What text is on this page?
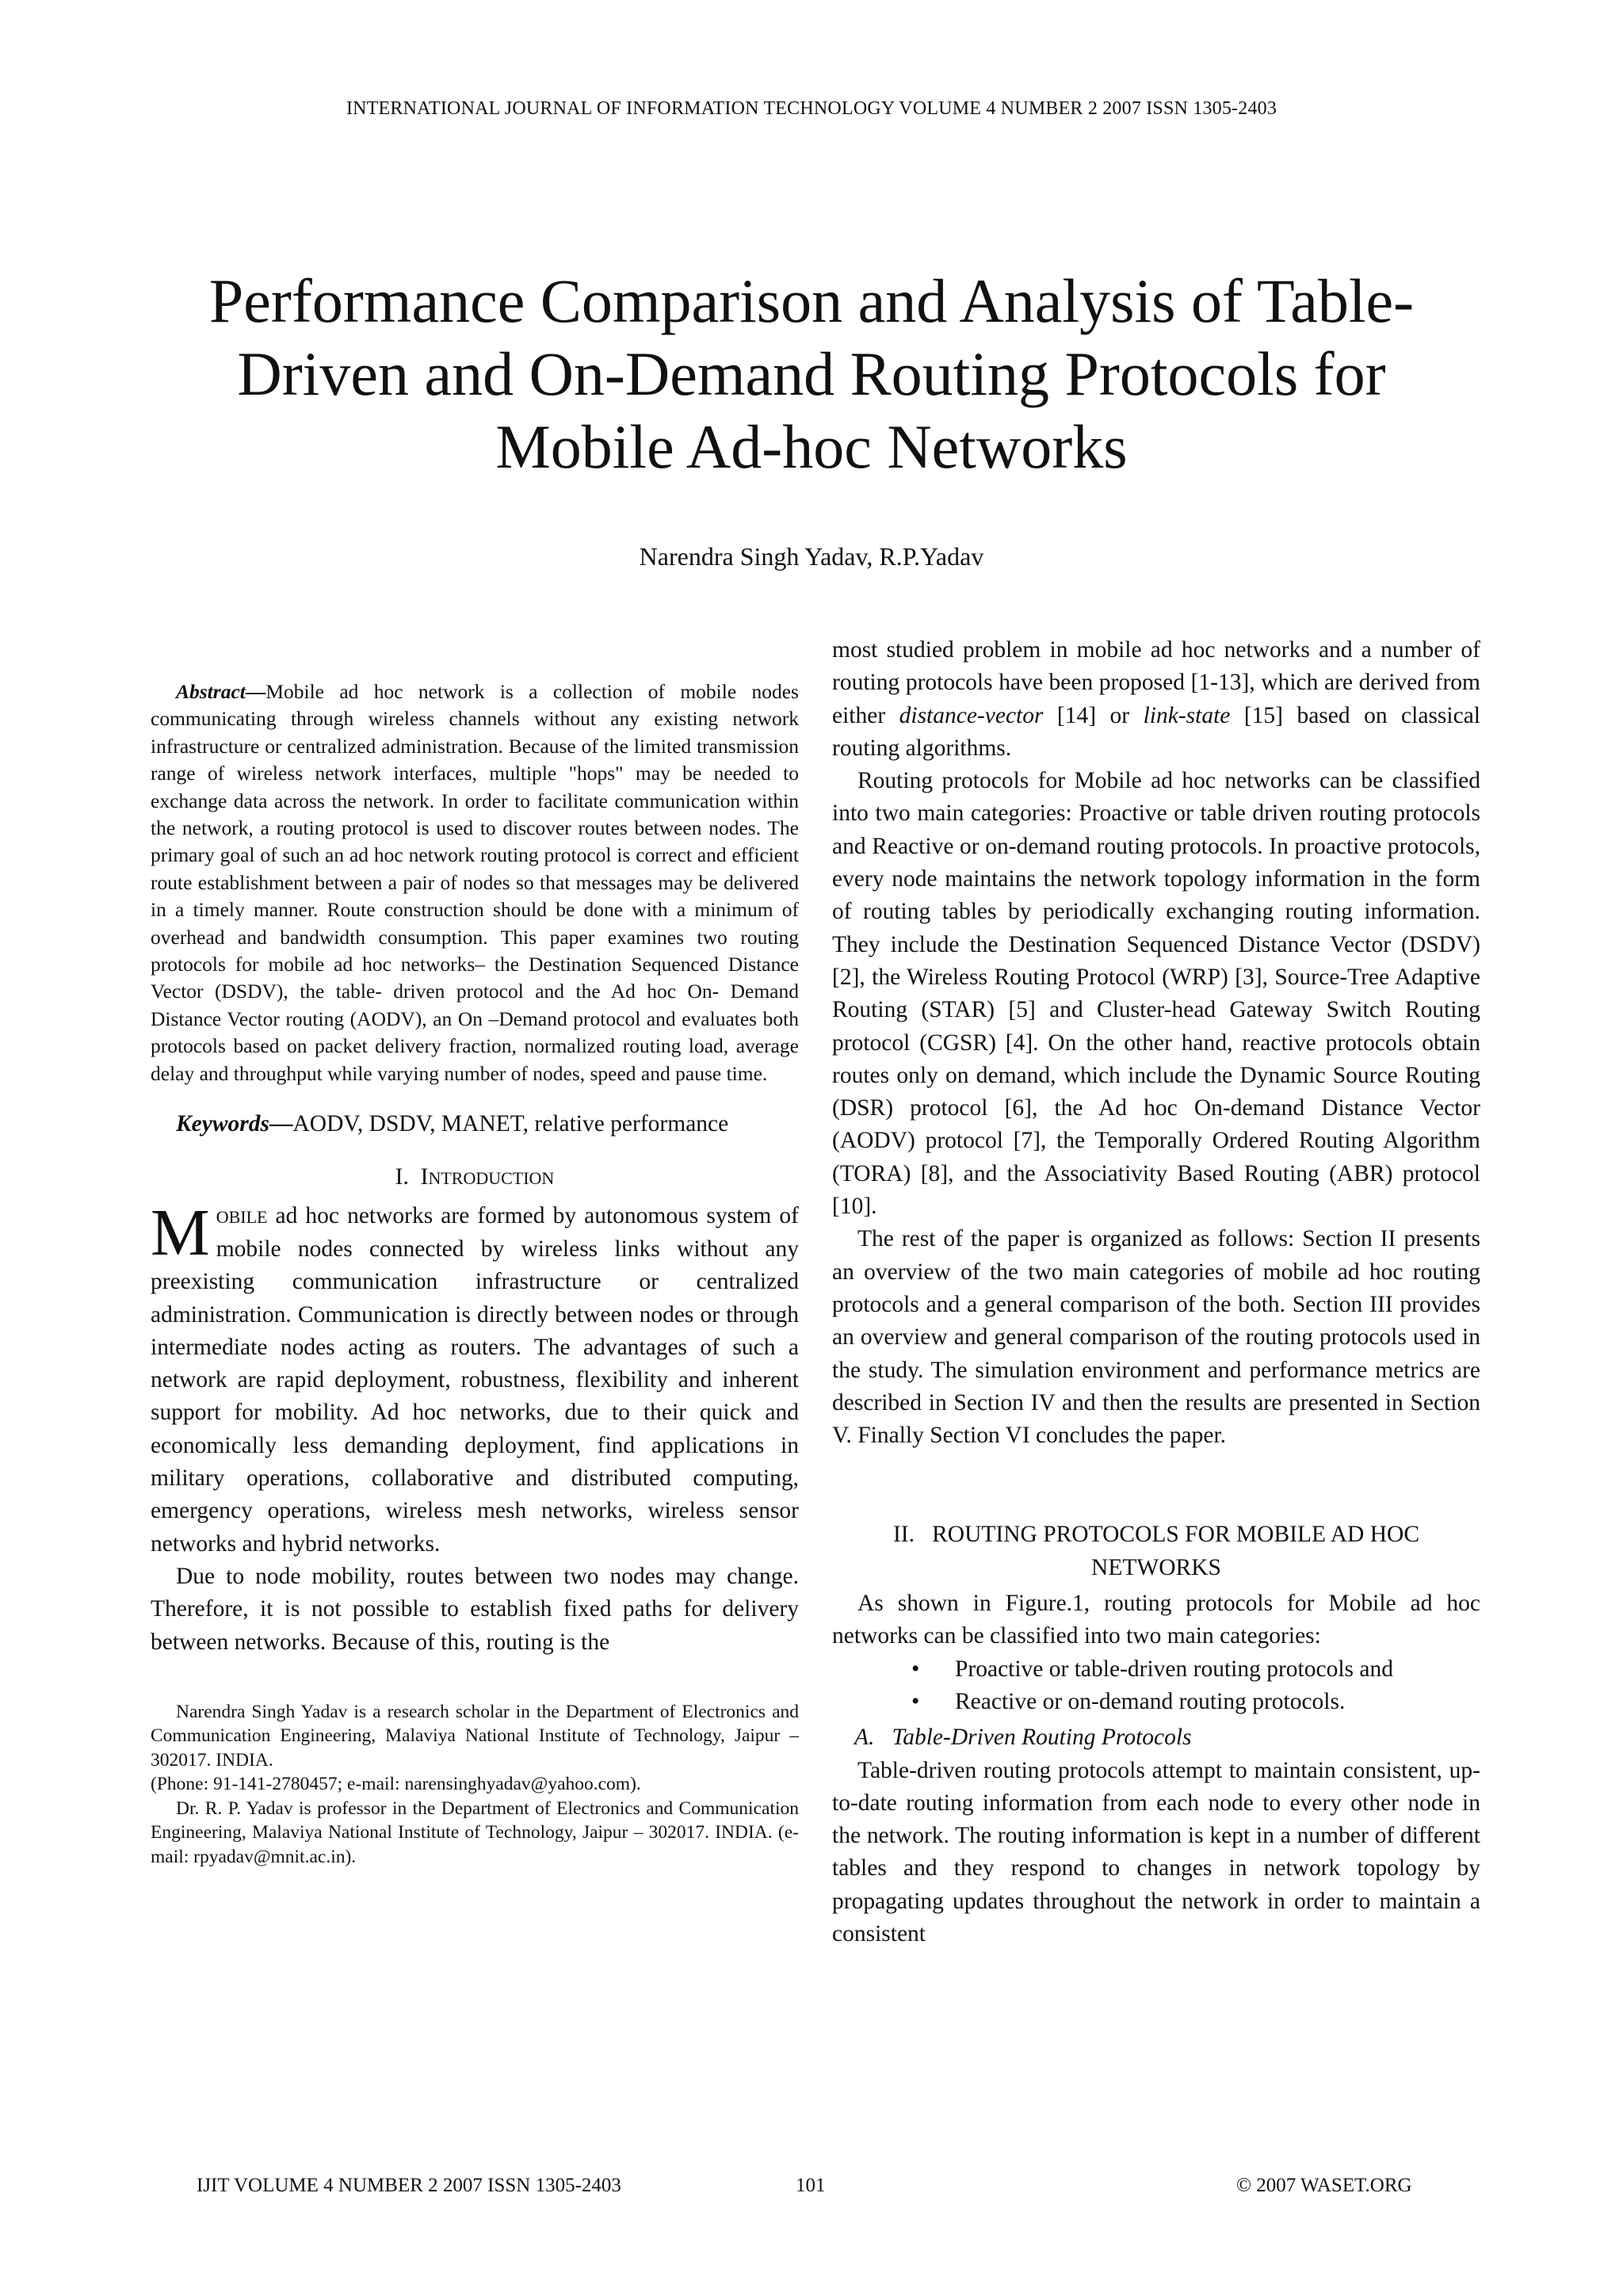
INTERNATIONAL JOURNAL OF INFORMATION TECHNOLOGY VOLUME 4 NUMBER 2 2007 ISSN 1305-2403
Performance Comparison and Analysis of Table-
Driven and On-Demand Routing Protocols for
Mobile Ad-hoc Networks
Narendra Singh Yadav, R.P.Yadav

Abstract—Mobile ad hoc network is a collection of mobile nodes communicating through wireless channels without any existing network infrastructure or centralized administration. Because of the limited transmission range of wireless network interfaces, multiple "hops" may be needed to exchange data across the network. In order to facilitate communication within the network, a routing protocol is used to discover routes between nodes. The primary goal of such an ad hoc network routing protocol is correct and efficient route establishment between a pair of nodes so that messages may be delivered in a timely manner. Route construction should be done with a minimum of overhead and bandwidth consumption. This paper examines two routing protocols for mobile ad hoc networks– the Destination Sequenced Distance Vector (DSDV), the table- driven protocol and the Ad hoc On- Demand Distance Vector routing (AODV), an On –Demand protocol and evaluates both protocols based on packet delivery fraction, normalized routing load, average delay and throughput while varying number of nodes, speed and pause time.

Keywords—AODV, DSDV, MANET, relative performance

I. INTRODUCTION

MOBILE ad hoc networks are formed by autonomous system of mobile nodes connected by wireless links without any preexisting communication infrastructure or centralized administration. Communication is directly between nodes or through intermediate nodes acting as routers. The advantages of such a network are rapid deployment, robustness, flexibility and inherent support for mobility. Ad hoc networks, due to their quick and economically less demanding deployment, find applications in military operations, collaborative and distributed computing, emergency operations, wireless mesh networks, wireless sensor networks and hybrid networks.

Due to node mobility, routes between two nodes may change. Therefore, it is not possible to establish fixed paths for delivery between networks. Because of this, routing is the

Narendra Singh Yadav is a research scholar in the Department of Electronics and Communication Engineering, Malaviya National Institute of Technology, Jaipur – 302017. INDIA.

(Phone: 91-141-2780457; e-mail: narensinghyadav@yahoo.com).

Dr. R. P. Yadav is professor in the Department of Electronics and Communication Engineering, Malaviya National Institute of Technology, Jaipur – 302017. INDIA. (e-mail: rpyadav@mnit.ac.in).

most studied problem in mobile ad hoc networks and a number of routing protocols have been proposed [1-13], which are derived from either distance-vector [14] or link-state [15] based on classical routing algorithms.

Routing protocols for Mobile ad hoc networks can be classified into two main categories: Proactive or table driven routing protocols and Reactive or on-demand routing protocols. In proactive protocols, every node maintains the network topology information in the form of routing tables by periodically exchanging routing information. They include the Destination Sequenced Distance Vector (DSDV) [2], the Wireless Routing Protocol (WRP) [3], Source-Tree Adaptive Routing (STAR) [5] and Cluster-head Gateway Switch Routing protocol (CGSR) [4]. On the other hand, reactive protocols obtain routes only on demand, which include the Dynamic Source Routing (DSR) protocol [6], the Ad hoc On-demand Distance Vector (AODV) protocol [7], the Temporally Ordered Routing Algorithm (TORA) [8], and the Associativity Based Routing (ABR) protocol [10].

The rest of the paper is organized as follows: Section II presents an overview of the two main categories of mobile ad hoc routing protocols and a general comparison of the both. Section III provides an overview and general comparison of the routing protocols used in the study. The simulation environment and performance metrics are described in Section IV and then the results are presented in Section V. Finally Section VI concludes the paper.

II.   ROUTING PROTOCOLS FOR MOBILE AD HOC
NETWORKS

As shown in Figure.1, routing protocols for Mobile ad hoc networks can be classified into two main categories:

• Proactive or table-driven routing protocols and
• Reactive or on-demand routing protocols.
A.   Table-Driven Routing Protocols

Table-driven routing protocols attempt to maintain consistent, up-to-date routing information from each node to every other node in the network. The routing information is kept in a number of different tables and they respond to changes in network topology by propagating updates throughout the network in order to maintain a consistent

IJIT VOLUME 4 NUMBER 2 2007 ISSN 1305-2403	101	© 2007 WASET.ORG
